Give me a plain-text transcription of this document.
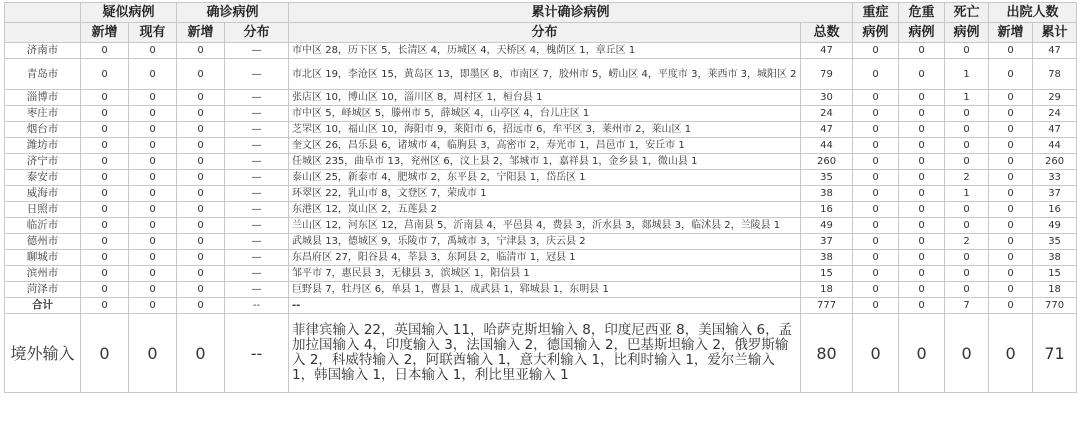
	疑似病例		确诊病例		累计确诊病例		重症	危重	死亡	出院人数	
	新增	现有	新增	分布	分布	总数	病例	病例	病例	新增	累计
济南市	0	0	0	—	市中区 28，历下区 5，长清区 4，历城区 4，天桥区 4，槐荫区 1，章丘区 1	47	0	0	0	0	47
青岛市	0	0	0	—	市北区 19，李沧区 15，黄岛区 13，即墨区 8，市南区 7，胶州市 5，崂山区 4，平度市 3，莱西市 3，城阳区 2	79	0	0	1	0	78
淄博市	0	0	0	—	张店区 10，博山区 10，淄川区 8，周村区 1，桓台县 1	30	0	0	1	0	29
枣庄市	0	0	0	—	市中区 5，峄城区 5，滕州市 5，薛城区 4，山亭区 4，台儿庄区 1	24	0	0	0	0	24
烟台市	0	0	0	—	芝罘区 10，福山区 10，海阳市 9，莱阳市 6，招远市 6，牟平区 3，莱州市 2，莱山区 1	47	0	0	0	0	47
潍坊市	0	0	0	—	奎文区 26，昌乐县 6，诸城市 4，临朐县 3，高密市 2，寿光市 1，昌邑市 1，安丘市 1	44	0	0	0	0	44
济宁市	0	0	0	—	任城区 235，曲阜市 13，兖州区 6，汶上县 2，邹城市 1，嘉祥县 1，金乡县 1，微山县 1	260	0	0	0	0	260
泰安市	0	0	0	—	泰山区 25，新泰市 4，肥城市 2，东平县 2，宁阳县 1，岱岳区 1	35	0	0	2	0	33
威海市	0	0	0	—	环翠区 22，乳山市 8，文登区 7，荣成市 1	38	0	0	1	0	37
日照市	0	0	0	—	东港区 12，岚山区 2，五莲县 2	16	0	0	0	0	16
临沂市	0	0	0	—	兰山区 12，河东区 12，莒南县 5，沂南县 4，平邑县 4，费县 3，沂水县 3，郯城县 3，临沭县 2，兰陵县 1	49	0	0	0	0	49
德州市	0	0	0	—	武城县 13，德城区 9，乐陵市 7，禹城市 3，宁津县 3，庆云县 2	37	0	0	2	0	35
聊城市	0	0	0	—	东昌府区 27，阳谷县 4，莘县 3，东阿县 2，临清市 1，冠县 1	38	0	0	0	0	38
滨州市	0	0	0	—	邹平市 7，惠民县 3，无棣县 3，滨城区 1，阳信县 1	15	0	0	0	0	15
菏泽市	0	0	0	—	巨野县 7，牡丹区 6，单县 1，曹县 1，成武县 1，郓城县 1，东明县 1	18	0	0	0	0	18
合计	0	0	0	--	--	777	0	0	7	0	770
境外输入	0	0	0	--	菲律宾输入 22，英国输入 11，哈萨克斯坦输入 8，印度尼西亚 8，美国输入 6，孟加拉国输入 4，印度输入 3，法国输入 2，德国输入 2，巴基斯坦输入 2，俄罗斯输入 2，科威特输入 2，阿联酋输入 1，意大利输入 1，比利时输入 1，爱尔兰输入 1，韩国输入 1，日本输入 1，利比里亚输入 1	80	0	0	0	0	71
